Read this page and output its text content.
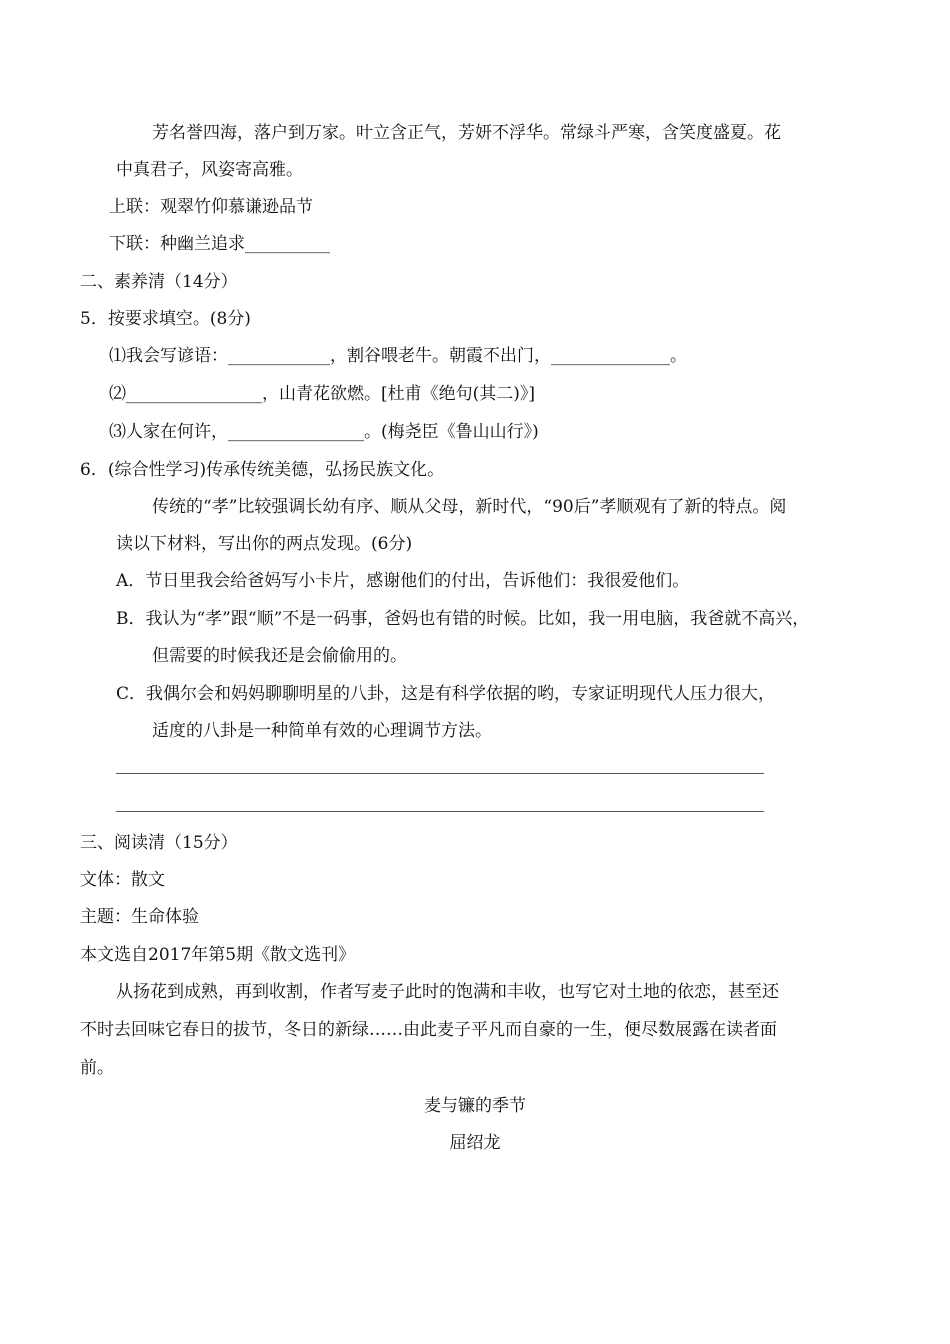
芳名誉四海，落户到万家。叶立含正气，芳妍不浮华。常绿斗严寒，含笑度盛夏。花
中真君子，风姿寄高雅。
上联：观翠竹仰慕谦逊品节
下联：种幽兰追求__________
二、素养清（14分）
5．按要求填空。(8分)
⑴我会写谚语：____________，割谷喂老牛。朝霞不出门，______________。
⑵________________，山青花欲燃。[杜甫《绝句(其二)》]
⑶人家在何许，________________。(梅尧臣《鲁山山行》)
6．(综合性学习)传承传统美德，弘扬民族文化。
传统的“孝”比较强调长幼有序、顺从父母，新时代，“90后”孝顺观有了新的特点。阅
读以下材料，写出你的两点发现。(6分)
A．节日里我会给爸妈写小卡片，感谢他们的付出，告诉他们：我很爱他们。
B．我认为“孝”跟“顺”不是一码事，爸妈也有错的时候。比如，我一用电脑，我爸就不高兴，
但需要的时候我还是会偷偷用的。
C．我偶尔会和妈妈聊聊明星的八卦，这是有科学依据的哟，专家证明现代人压力很大，
适度的八卦是一种简单有效的心理调节方法。
三、阅读清（15分）
文体：散文
主题：生命体验
本文选自2017年第5期《散文选刊》
从扬花到成熟，再到收割，作者写麦子此时的饱满和丰收，也写它对土地的依恋，甚至还
不时去回味它春日的拔节，冬日的新绿……由此麦子平凡而自豪的一生，便尽数展露在读者面
前。
麦与镰的季节
屈绍龙
